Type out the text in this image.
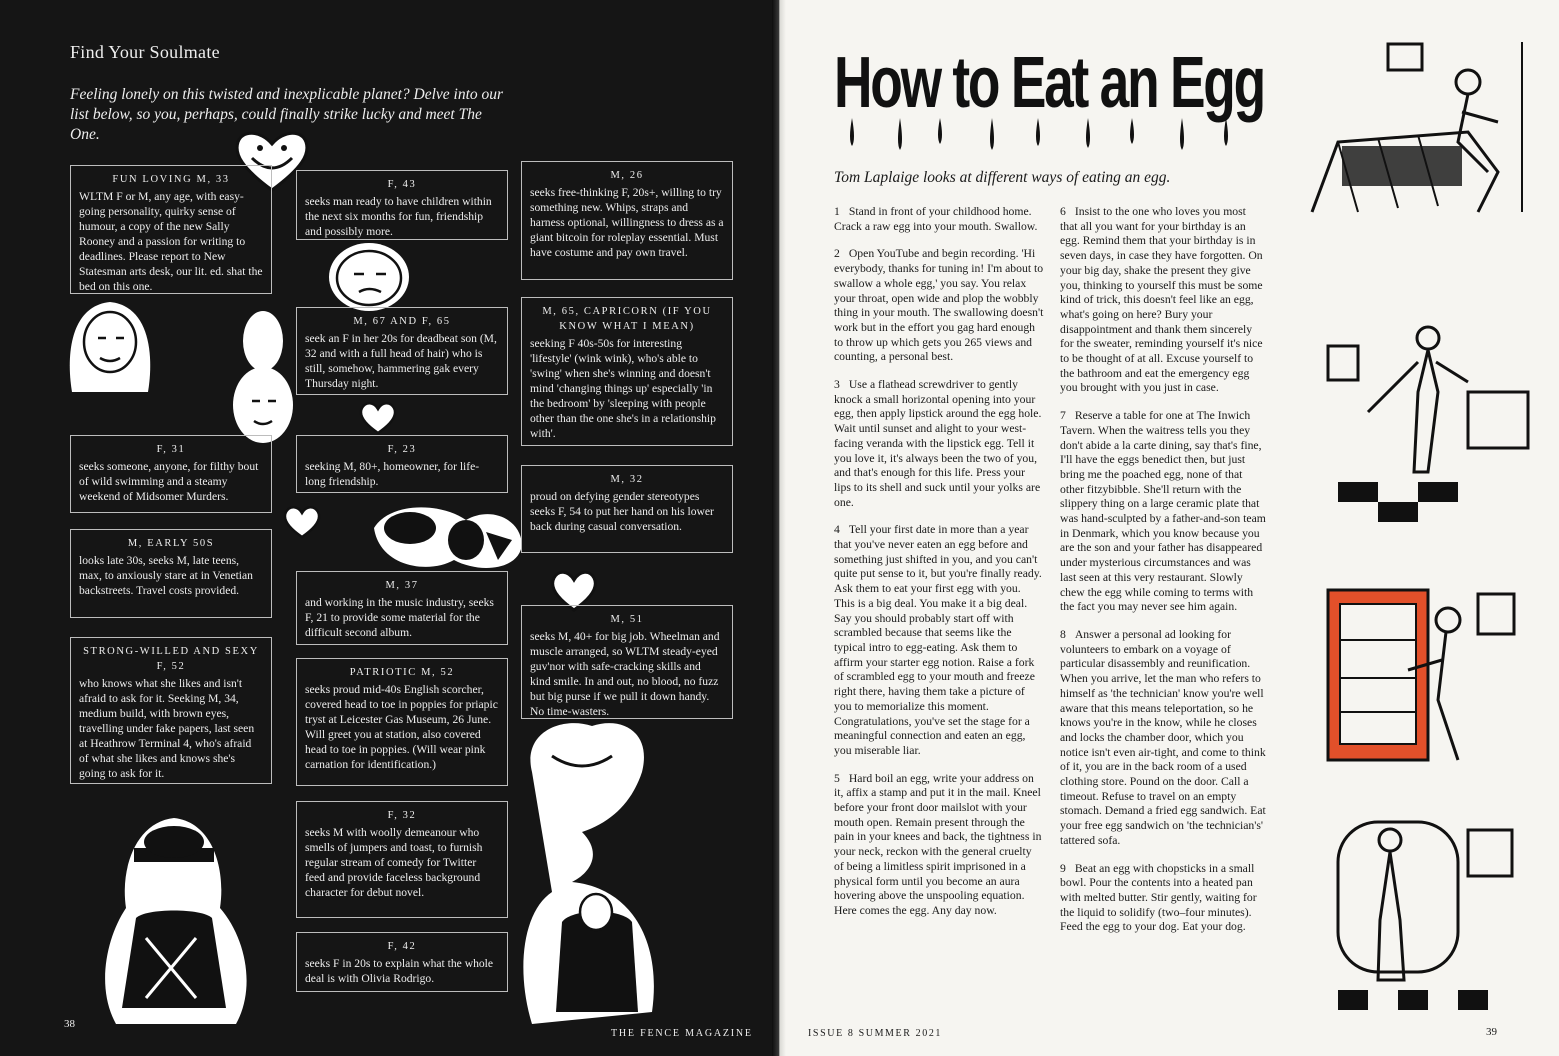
Find Your Soulmate
Feeling lonely on this twisted and inexplicable planet? Delve into our list below, so you, perhaps, could finally strike lucky and meet The One.
FUN LOVING M, 33
WLTM F or M, any age, with easy-going personality, quirky sense of humour, a copy of the new Sally Rooney and a passion for writing to deadlines. Please report to New Statesman arts desk, our lit. ed. shat the bed on this one.
F, 43
seeks man ready to have children within the next six months for fun, friendship and possibly more.
M, 26
seeks free-thinking F, 20s+, willing to try something new. Whips, straps and harness optional, willingness to dress as a giant bitcoin for roleplay essential. Must have costume and pay own travel.
M, 67 AND F, 65
seek an F in her 20s for deadbeat son (M, 32 and with a full head of hair) who is still, somehow, hammering gak every Thursday night.
M, 65, CAPRICORN (IF YOU KNOW WHAT I MEAN)
seeking F 40s-50s for interesting 'lifestyle' (wink wink), who's able to 'swing' when she's winning and doesn't mind 'changing things up' especially 'in the bedroom' by 'sleeping with people other than the one she's in a relationship with'.
F, 31
seeks someone, anyone, for filthy bout of wild swimming and a steamy weekend of Midsomer Murders.
F, 23
seeking M, 80+, homeowner, for life-long friendship.	M, 32
proud on defying gender stereotypes seeks F, 54 to put her hand on his lower back during casual conversation.
M, EARLY 50S
looks late 30s, seeks M, late teens, max, to anxiously stare at in Venetian backstreets. Travel costs provided.	M, 37
and working in the music industry, seeks F, 21 to provide some material for the difficult second album.
M, 51
seeks M, 40+ for big job. Wheelman and muscle arranged, so WLTM steady-eyed guv'nor with safe-cracking skills and kind smile. In and out, no blood, no fuzz but big purse if we pull it down handy. No time-wasters.
STRONG-WILLED AND SEXY F, 52
who knows what she likes and isn't afraid to ask for it. Seeking M, 34, medium build, with brown eyes, travelling under fake papers, last seen at Heathrow Terminal 4, who's afraid of what she likes and knows she's going to ask for it.
PATRIOTIC M, 52
seeks proud mid-40s English scorcher, covered head to toe in poppies for priapic tryst at Leicester Gas Museum, 26 June. Will greet you at station, also covered head to toe in poppies. (Will wear pink carnation for identification.)
F, 32
seeks M with woolly demeanour who smells of jumpers and toast, to furnish regular stream of comedy for Twitter feed and provide faceless background character for debut novel.
F, 42
seeks F in 20s to explain what the whole deal is with Olivia Rodrigo.
38
THE FENCE MAGAZINE
How to Eat an Egg
Tom Laplaige looks at different ways of eating an egg.

1 Stand in front of your childhood home. Crack a raw egg into your mouth. Swallow.

2 Open YouTube and begin recording. 'Hi everybody, thanks for tuning in! I'm about to swallow a whole egg,' you say. You relax your throat, open wide and plop the wobbly thing in your mouth. The swallowing doesn't work but in the effort you gag hard enough to throw up which gets you 265 views and counting, a personal best.

3 Use a flathead screwdriver to gently knock a small horizontal opening into your egg, then apply lipstick around the egg hole. Wait until sunset and alight to your west-facing veranda with the lipstick egg. Tell it you love it, it's always been the two of you, and that's enough for this life. Press your lips to its shell and suck until your yolks are one.

4 Tell your first date in more than a year that you've never eaten an egg before and something just shifted in you, and you can't quite put sense to it, but you're finally ready. Ask them to eat your first egg with you. This is a big deal. You make it a big deal. Say you should probably start off with scrambled because that seems like the typical intro to egg-eating. Ask them to affirm your starter egg notion. Raise a fork of scrambled egg to your mouth and freeze right there, having them take a picture of you to memorialize this moment. Congratulations, you've set the stage for a meaningful connection and eaten an egg, you miserable liar.

5 Hard boil an egg, write your address on it, affix a stamp and put it in the mail. Kneel before your front door mailslot with your mouth open. Remain present through the pain in your knees and back, the tightness in your neck, reckon with the general cruelty of being a limitless spirit imprisoned in a physical form until you become an aura hovering above the unspooling equation. Here comes the egg. Any day now.

6 Insist to the one who loves you most that all you want for your birthday is an egg. Remind them that your birthday is in seven days, in case they have forgotten. On your big day, shake the present they give you, thinking to yourself this must be some kind of trick, this doesn't feel like an egg, what's going on here? Bury your disappointment and thank them sincerely for the sweater, reminding yourself it's nice to be thought of at all. Excuse yourself to the bathroom and eat the emergency egg you brought with you just in case.

7 Reserve a table for one at The Inwich Tavern. When the waitress tells you they don't abide a la carte dining, say that's fine, I'll have the eggs benedict then, but just bring me the poached egg, none of that other fitzybibble. She'll return with the slippery thing on a large ceramic plate that was hand-sculpted by a father-and-son team in Denmark, which you know because you are the son and your father has disappeared under mysterious circumstances and was last seen at this very restaurant. Slowly chew the egg while coming to terms with the fact you may never see him again.

8 Answer a personal ad looking for volunteers to embark on a voyage of particular disassembly and reunification. When you arrive, let the man who refers to himself as 'the technician' know you're well aware that this means teleportation, so he knows you're in the know, while he closes and locks the chamber door, which you notice isn't even air-tight, and come to think of it, you are in the back room of a used clothing store. Pound on the door. Call a timeout. Refuse to travel on an empty stomach. Demand a fried egg sandwich. Eat your free egg sandwich on 'the technician's' tattered sofa.

9 Beat an egg with chopsticks in a small bowl. Pour the contents into a heated pan with melted butter. Stir gently, waiting for the liquid to solidify (two–four minutes). Feed the egg to your dog. Eat your dog.

ISSUE 8 SUMMER 2021	39
